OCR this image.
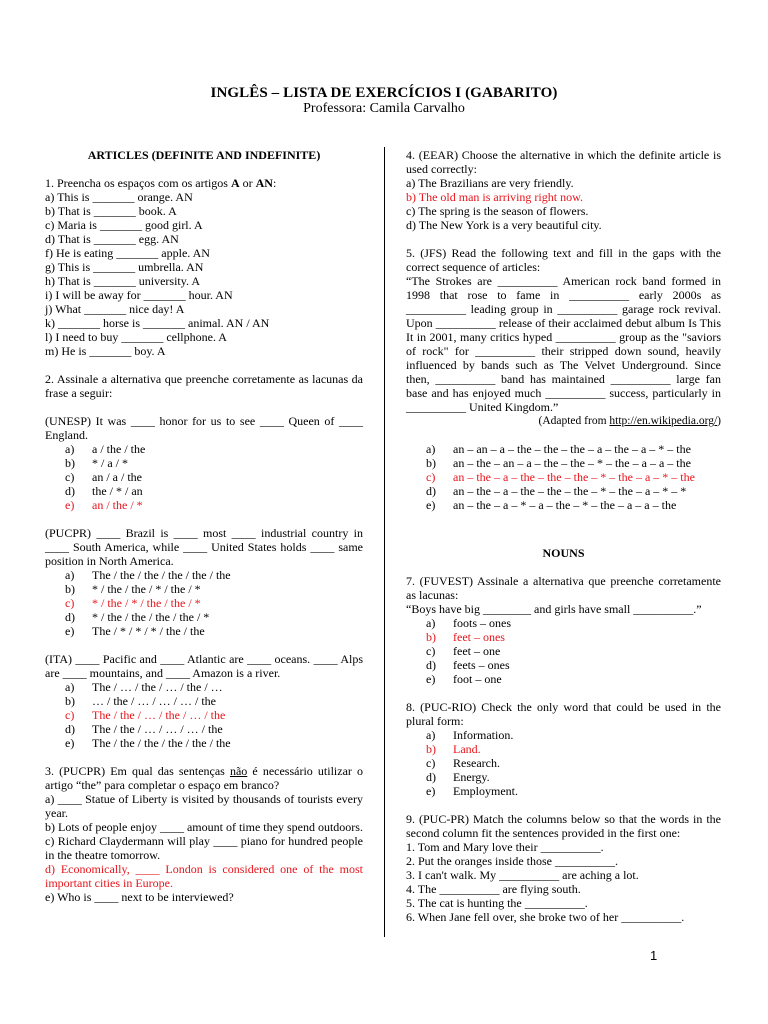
INGLÊS – LISTA DE EXERCÍCIOS I (GABARITO)
Professora: Camila Carvalho

ARTICLES (DEFINITE AND INDEFINITE)

1. Preencha os espaços com os artigos A or AN:

a) This is _______ orange. AN

b) That is _______ book. A

c) Maria is _______ good girl. A

d) That is _______ egg. AN

f) He is eating _______ apple. AN

g) This is _______ umbrella. AN

h) That is _______ university. A

i) I will be away for _______ hour. AN

j) What _______ nice day! A

k) _______ horse is _______ animal. AN / AN

l) I need to buy _______ cellphone. A

m) He is _______ boy. A

2. Assinale a alternativa que preenche corretamente as lacunas da frase a seguir:

(UNESP) It was ____ honor for us to see ____ Queen of ____ England.

a)	a / the / the
b)	* / a / *
c)	an / a / the
d)	the / * / an
e)	an / the / *

(PUCPR) ____ Brazil is ____ most ____ industrial country in ____ South America, while ____ United States holds ____ same position in North America.

a)	The / the / the / the / the / the
b)	* / the / the / * / the / *
c)	* / the / * / the / the / *
d)	* / the / the / the / the / *
e)	The / * / * / * / the / the

(ITA) ____ Pacific and ____ Atlantic are ____ oceans. ____ Alps are ____ mountains, and ____ Amazon is a river.

a)	The / … / the / … / the / …
b)	… / the / … / … / … / the
c)	The / the / … / the / … / the
d)	The / the / … / … / … / the
e)	The / the / the / the / the / the

3. (PUCPR) Em qual das sentenças não é necessário utilizar o artigo “the” para completar o espaço em branco?

a) ____ Statue of Liberty is visited by thousands of tourists every year.

b) Lots of people enjoy ____ amount of time they spend outdoors.

c) Richard Claydermann will play ____ piano for hundred people in the theatre tomorrow.

d) Economically, ____ London is considered one of the most important cities in Europe.

e) Who is ____ next to be interviewed?

4. (EEAR) Choose the alternative in which the definite article is used correctly:

a) The Brazilians are very friendly.

b) The old man is arriving right now.

c) The spring is the season of flowers.

d) The New York is a very beautiful city.

5. (JFS) Read the following text and fill in the gaps with the correct sequence of articles:

“The Strokes are __________ American rock band formed in 1998 that rose to fame in __________ early 2000s as __________ leading group in __________ garage rock revival. Upon __________ release of their acclaimed debut album Is This It in 2001, many critics hyped __________ group as the "saviors of rock" for __________ their stripped down sound, heavily influenced by bands such as The Velvet Underground. Since then, __________ band has maintained __________ large fan base and has enjoyed much __________ success, particularly in __________ United Kingdom.”

(Adapted from http://en.wikipedia.org/)

a)	an – an – a – the – the – the – a – the – a – * – the
b)	an – the – an – a – the – the – * – the – a – a – the
c)	an – the – a – the – the – the – * – the – a – * – the
d)	an – the – a – the – the – the – * – the – a – * – *
e)	an – the – a – * – a – the – * – the – a – a – the

NOUNS

7. (FUVEST) Assinale a alternativa que preenche corretamente as lacunas:

“Boys have big ________ and girls have small __________.”

a)	foots – ones
b)	feet – ones
c)	feet – one
d)	feets – ones
e)	foot – one

8. (PUC-RIO) Check the only word that could be used in the plural form:

a)	Information.
b)	Land.
c)	Research.
d)	Energy.
e)	Employment.

9. (PUC-PR) Match the columns below so that the words in the second column fit the sentences provided in the first one:

1. Tom and Mary love their __________.

2. Put the oranges inside those __________.

3. I can't walk. My __________ are aching a lot.

4. The __________ are flying south.

5. The cat is hunting the __________.

6. When Jane fell over, she broke two of her __________.

1
